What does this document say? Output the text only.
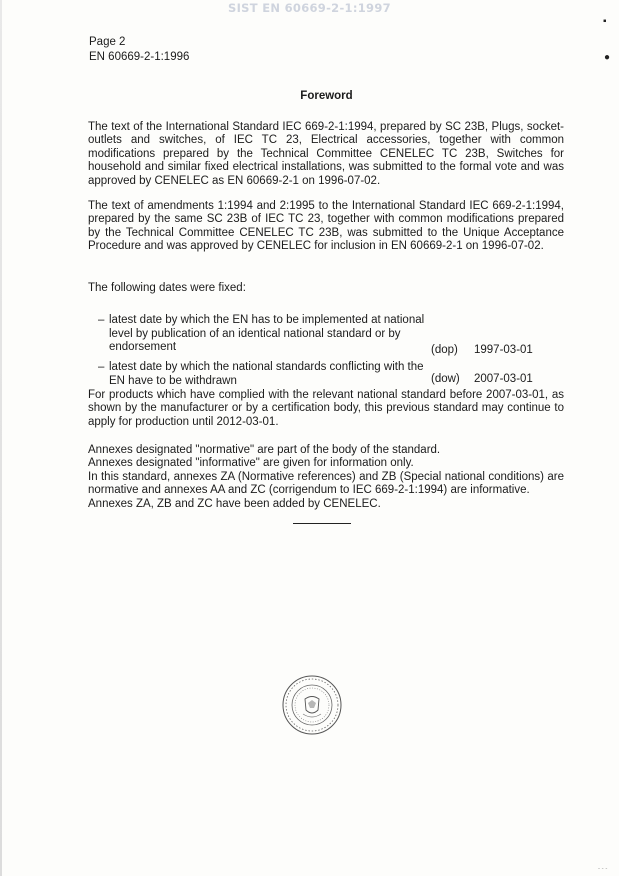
SIST EN 60669-2-1:1997
▪
●
Page 2
EN 60669-2-1:1996
Foreword
The text of the International Standard IEC 669-2-1:1994, prepared by SC 23B, Plugs, socket-outlets and switches, of IEC TC 23, Electrical accessories, together with common modifications prepared by the Technical Committee CENELEC TC 23B, Switches for household and similar fixed electrical installations, was submitted to the formal vote and was approved by CENELEC as EN 60669-2-1 on 1996-07-02.
The text of amendments 1:1994 and 2:1995 to the International Standard IEC 669-2-1:1994, prepared by the same SC 23B of IEC TC 23, together with common modifications prepared by the Technical Committee CENELEC TC 23B, was submitted to the Unique Acceptance Procedure and was approved by CENELEC for inclusion in EN 60669-2-1 on 1996-07-02.
The following dates were fixed:
– latest date by which the EN has to be implemented at national level by publication of an identical national standard or by endorsement	(dop) 1997-03-01
– latest date by which the national standards conflicting with the EN have to be withdrawn	(dow) 2007-03-01
For products which have complied with the relevant national standard before 2007-03-01, as shown by the manufacturer or by a certification body, this previous standard may continue to apply for production until 2012-03-01.
Annexes designated "normative" are part of the body of the standard.
Annexes designated "informative" are given for information only.
In this standard, annexes ZA (Normative references) and ZB (Special national conditions) are normative and annexes AA and ZC (corrigendum to IEC 669-2-1:1994) are informative.
Annexes ZA, ZB and ZC have been added by CENELEC.
- - -
